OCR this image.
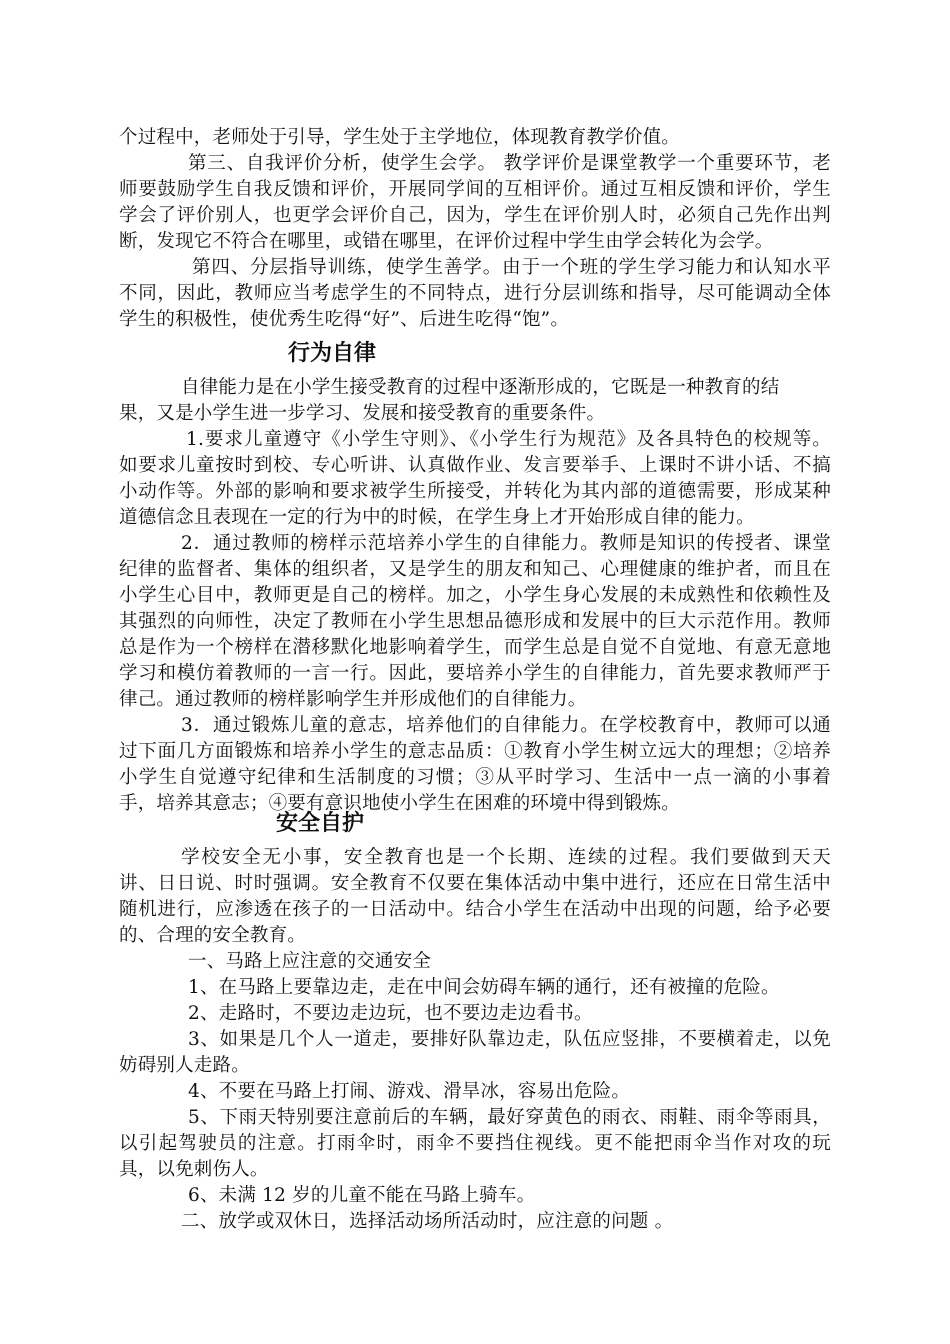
个过程中，老师处于引导，学生处于主学地位，体现教育教学价值。
第三、自我评价分析，使学生会学。 教学评价是课堂教学一个重要环节，老
师要鼓励学生自我反馈和评价，开展同学间的互相评价。通过互相反馈和评价，学生
学会了评价别人，也更学会评价自己，因为，学生在评价别人时，必须自己先作出判
断，发现它不符合在哪里，或错在哪里，在评价过程中学生由学会转化为会学。
第四、分层指导训练，使学生善学。由于一个班的学生学习能力和认知水平
不同，因此，教师应当考虑学生的不同特点，进行分层训练和指导，尽可能调动全体
学生的积极性，使优秀生吃得“好”、后进生吃得“饱”。
行为自律
自律能力是在小学生接受教育的过程中逐渐形成的，它既是一种教育的结
果，又是小学生进一步学习、发展和接受教育的重要条件。
1.要求儿童遵守《小学生守则》、《小学生行为规范》及各具特色的校规等。
如要求儿童按时到校、专心听讲、认真做作业、发言要举手、上课时不讲小话、不搞
小动作等。外部的影响和要求被学生所接受，并转化为其内部的道德需要，形成某种
道德信念且表现在一定的行为中的时候，在学生身上才开始形成自律的能力。
2．通过教师的榜样示范培养小学生的自律能力。教师是知识的传授者、课堂
纪律的监督者、集体的组织者，又是学生的朋友和知己、心理健康的维护者，而且在
小学生心目中，教师更是自己的榜样。加之，小学生身心发展的未成熟性和依赖性及
其强烈的向师性，决定了教师在小学生思想品德形成和发展中的巨大示范作用。教师
总是作为一个榜样在潜移默化地影响着学生，而学生总是自觉不自觉地、有意无意地
学习和模仿着教师的一言一行。因此，要培养小学生的自律能力，首先要求教师严于
律己。通过教师的榜样影响学生并形成他们的自律能力。
3．通过锻炼儿童的意志，培养他们的自律能力。在学校教育中，教师可以通
过下面几方面锻炼和培养小学生的意志品质：①教育小学生树立远大的理想；②培养
小学生自觉遵守纪律和生活制度的习惯；③从平时学习、生活中一点一滴的小事着
手，培养其意志；④要有意识地使小学生在困难的环境中得到锻炼。
安全自护
学校安全无小事，安全教育也是一个长期、连续的过程。我们要做到天天
讲、日日说、时时强调。安全教育不仅要在集体活动中集中进行，还应在日常生活中
随机进行，应渗透在孩子的一日活动中。结合小学生在活动中出现的问题，给予必要
的、合理的安全教育。
一、马路上应注意的交通安全
1、在马路上要靠边走，走在中间会妨碍车辆的通行，还有被撞的危险。
2、走路时，不要边走边玩，也不要边走边看书。
3、如果是几个人一道走，要排好队靠边走，队伍应竖排，不要横着走，以免
妨碍别人走路。
4、不要在马路上打闹、游戏、滑旱冰，容易出危险。
5、下雨天特别要注意前后的车辆，最好穿黄色的雨衣、雨鞋、雨伞等雨具，
以引起驾驶员的注意。打雨伞时，雨伞不要挡住视线。更不能把雨伞当作对攻的玩
具，以免刺伤人。
6、未满 12 岁的儿童不能在马路上骑车。
二、放学或双休日，选择活动场所活动时，应注意的问题 。
